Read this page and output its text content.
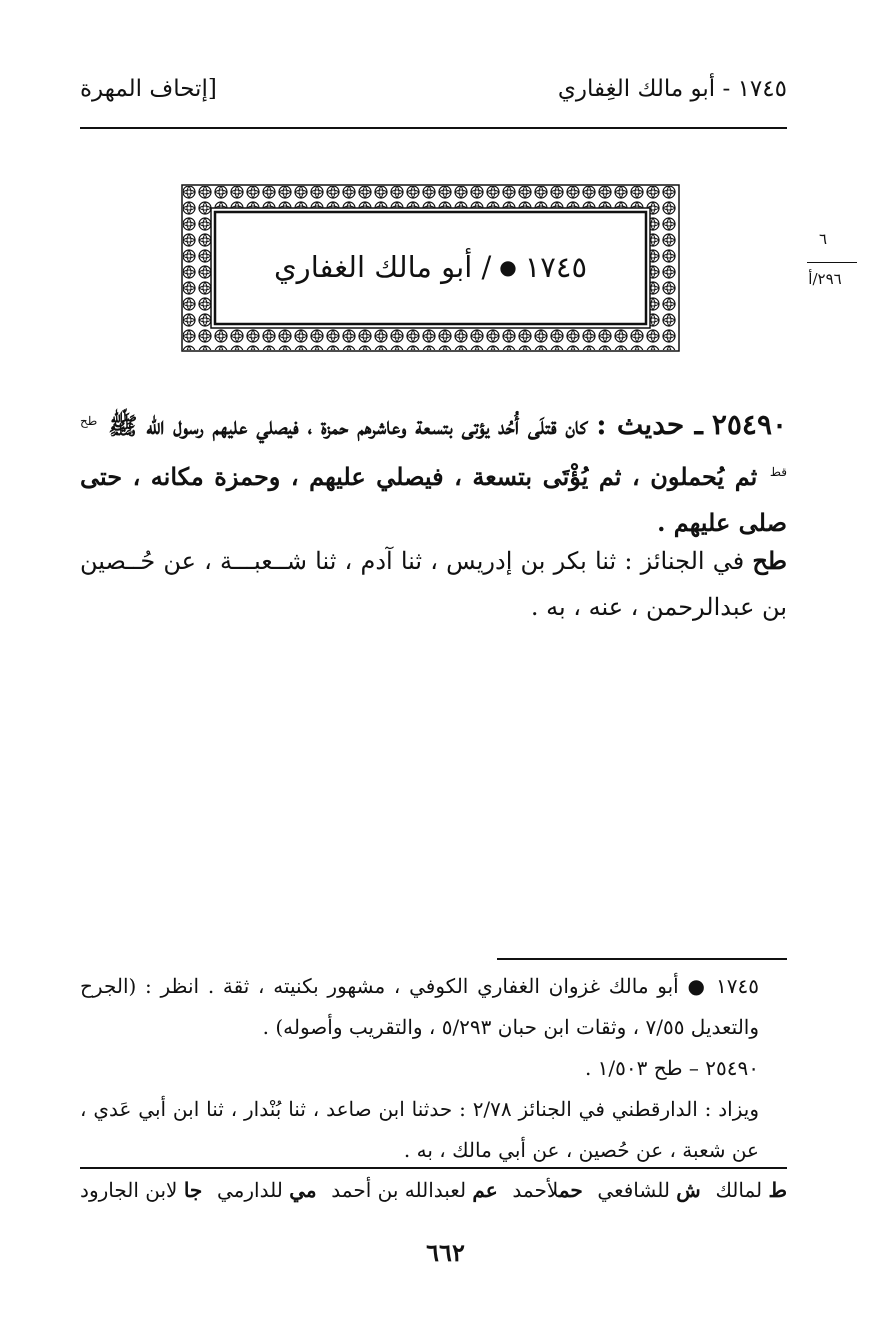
١٧٤٥ - أبو مالك الغِفاري
[إتحاف المهرة
٦
٢٩٦/أ
١٧٤٥
●
/ أبو مالك الغفاري
٢٥٤٩٠ ـ حديث : كان قتلَى أُحُد يؤتى بتسعة وعاشرهم حمزة ، فيصلي عليهم رسول الله ﷺ $^{طح قط}$ ثم يُحملون ، ثم يُؤْتَى بتسعة ، فيصلي عليهم ، وحمزة مكانه ، حتى صلى عليهم .
طح في الجنائز : ثنا بكر بن إدريس ، ثنا آدم ، ثنا شــعبـــة ، عن حُــصين بن عبدالرحمن ، عنه ، به .

١٧٤٥ ● أبو مالك غزوان الغفاري الكوفي ، مشهور بكنيته ، ثقة . انظر : (الجرح والتعديل ٧/٥٥ ، وثقات ابن حبان ٥/٢٩٣ ، والتقريب وأصوله) .

٢٥٤٩٠ – طح ١/٥٠٣ .

ويزاد : الدارقطني في الجنائز ٢/٧٨ : حدثنا ابن صاعد ، ثنا بُنْدار ، ثنا ابن أبي عَدي ، عن شعبة ، عن حُصين ، عن أبي مالك ، به .

ط لمالك
ش للشافعي
حملأحمد
عم لعبدالله بن أحمد
مي للدارمي
جا لابن الجارود
٦٦٢
